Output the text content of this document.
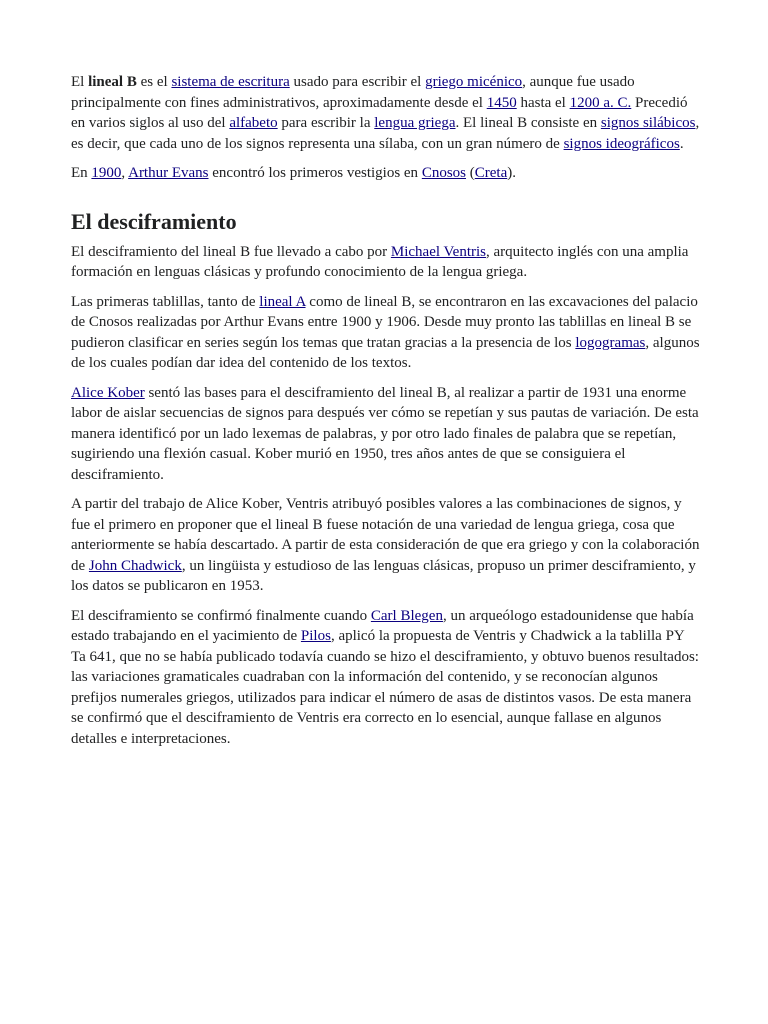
El lineal B es el sistema de escritura usado para escribir el griego micénico, aunque fue usado principalmente con fines administrativos, aproximadamente desde el 1450 hasta el 1200 a. C. Precedió en varios siglos al uso del alfabeto para escribir la lengua griega. El lineal B consiste en signos silábicos, es decir, que cada uno de los signos representa una sílaba, con un gran número de signos ideográficos.

En 1900, Arthur Evans encontró los primeros vestigios en Cnosos (Creta).

El desciframiento

El desciframiento del lineal B fue llevado a cabo por Michael Ventris, arquitecto inglés con una amplia formación en lenguas clásicas y profundo conocimiento de la lengua griega.

Las primeras tablillas, tanto de lineal A como de lineal B, se encontraron en las excavaciones del palacio de Cnosos realizadas por Arthur Evans entre 1900 y 1906. Desde muy pronto las tablillas en lineal B se pudieron clasificar en series según los temas que tratan gracias a la presencia de los logogramas, algunos de los cuales podían dar idea del contenido de los textos.

Alice Kober sentó las bases para el desciframiento del lineal B, al realizar a partir de 1931 una enorme labor de aislar secuencias de signos para después ver cómo se repetían y sus pautas de variación. De esta manera identificó por un lado lexemas de palabras, y por otro lado finales de palabra que se repetían, sugiriendo una flexión casual. Kober murió en 1950, tres años antes de que se consiguiera el desciframiento.

A partir del trabajo de Alice Kober, Ventris atribuyó posibles valores a las combinaciones de signos, y fue el primero en proponer que el lineal B fuese notación de una variedad de lengua griega, cosa que anteriormente se había descartado. A partir de esta consideración de que era griego y con la colaboración de John Chadwick, un lingüista y estudioso de las lenguas clásicas, propuso un primer desciframiento, y los datos se publicaron en 1953.

El desciframiento se confirmó finalmente cuando Carl Blegen, un arqueólogo estadounidense que había estado trabajando en el yacimiento de Pilos, aplicó la propuesta de Ventris y Chadwick a la tablilla PY Ta 641, que no se había publicado todavía cuando se hizo el desciframiento, y obtuvo buenos resultados: las variaciones gramaticales cuadraban con la información del contenido, y se reconocían algunos prefijos numerales griegos, utilizados para indicar el número de asas de distintos vasos. De esta manera se confirmó que el desciframiento de Ventris era correcto en lo esencial, aunque fallase en algunos detalles e interpretaciones.
